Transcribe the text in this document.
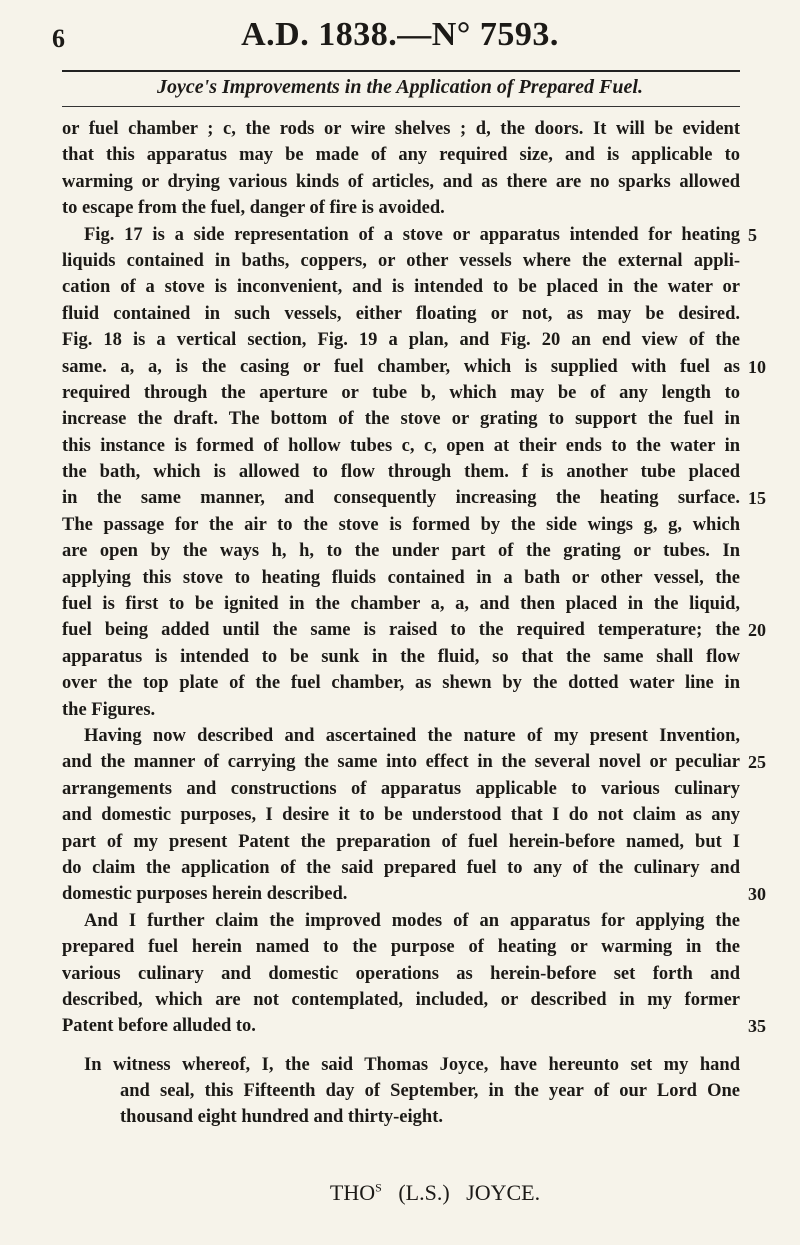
6	A.D. 1838.—N° 7593.
Joyce's Improvements in the Application of Prepared Fuel.
or fuel chamber ; c, the rods or wire shelves ; d, the doors. It will be evident
that this apparatus may be made of any required size, and is applicable to
warming or drying various kinds of articles, and as there are no sparks allowed
to escape from the fuel, danger of fire is avoided.
Fig. 17 is a side representation of a stove or apparatus intended for heating 5
liquids contained in baths, coppers, or other vessels where the external appli-
cation of a stove is inconvenient, and is intended to be placed in the water or
fluid contained in such vessels, either floating or not, as may be desired.
Fig. 18 is a vertical section, Fig. 19 a plan, and Fig. 20 an end view of the
same. a, a, is the casing or fuel chamber, which is supplied with fuel as 10
required through the aperture or tube b, which may be of any length to
increase the draft. The bottom of the stove or grating to support the fuel in
this instance is formed of hollow tubes c, c, open at their ends to the water in
the bath, which is allowed to flow through them. f is another tube placed
in the same manner, and consequently increasing the heating surface. 15
The passage for the air to the stove is formed by the side wings g, g, which
are open by the ways h, h, to the under part of the grating or tubes. In
applying this stove to heating fluids contained in a bath or other vessel, the
fuel is first to be ignited in the chamber a, a, and then placed in the liquid,
fuel being added until the same is raised to the required temperature; the 20
apparatus is intended to be sunk in the fluid, so that the same shall flow
over the top plate of the fuel chamber, as shewn by the dotted water line in
the Figures.
Having now described and ascertained the nature of my present Invention,
and the manner of carrying the same into effect in the several novel or peculiar 25
arrangements and constructions of apparatus applicable to various culinary
and domestic purposes, I desire it to be understood that I do not claim as any
part of my present Patent the preparation of fuel herein-before named, but I
do claim the application of the said prepared fuel to any of the culinary and
domestic purposes herein described.	30
And I further claim the improved modes of an apparatus for applying the
prepared fuel herein named to the purpose of heating or warming in the
various culinary and domestic operations as herein-before set forth and
described, which are not contemplated, included, or described in my former
Patent before alluded to.	35
In witness whereof, I, the said Thomas Joyce, have hereunto set my hand
and seal, this Fifteenth day of September, in the year of our Lord One
thousand eight hundred and thirty-eight.
$THO^S$ (L.S.) JOYCE.
